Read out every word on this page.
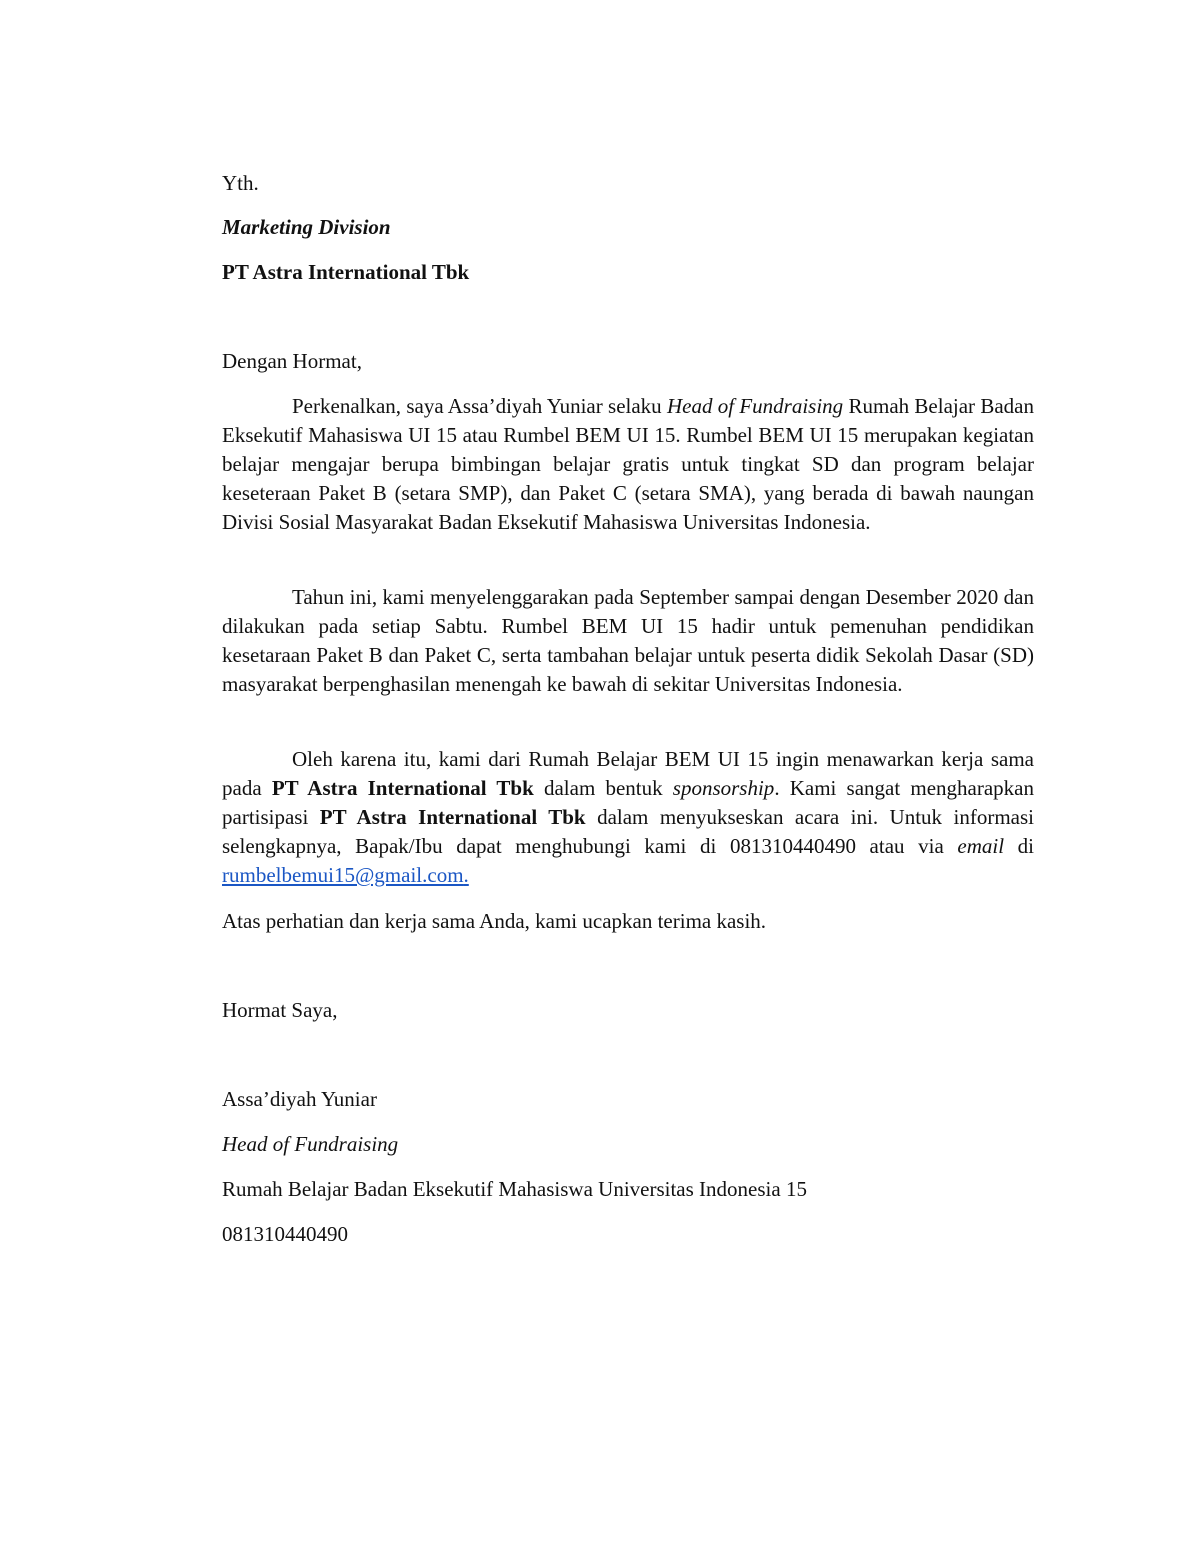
Yth.
Marketing Division
PT Astra International Tbk
Dengan Hormat,

Perkenalkan, saya Assa’diyah Yuniar selaku Head of Fundraising Rumah Belajar Badan Eksekutif Mahasiswa UI 15 atau Rumbel BEM UI 15. Rumbel BEM UI 15 merupakan kegiatan belajar mengajar berupa bimbingan belajar gratis untuk tingkat SD dan program belajar keseteraan Paket B (setara SMP), dan Paket C (setara SMA), yang berada di bawah naungan Divisi Sosial Masyarakat Badan Eksekutif Mahasiswa Universitas Indonesia.

Tahun ini, kami menyelenggarakan pada September sampai dengan Desember 2020 dan dilakukan pada setiap Sabtu. Rumbel BEM UI 15 hadir untuk pemenuhan pendidikan kesetaraan Paket B dan Paket C, serta tambahan belajar untuk peserta didik Sekolah Dasar (SD) masyarakat berpenghasilan menengah ke bawah di sekitar Universitas Indonesia.

Oleh karena itu, kami dari Rumah Belajar BEM UI 15 ingin menawarkan kerja sama pada PT Astra International Tbk dalam bentuk sponsorship. Kami sangat mengharapkan partisipasi PT Astra International Tbk dalam menyukseskan acara ini. Untuk informasi selengkapnya, Bapak/Ibu dapat menghubungi kami di 081310440490 atau via email di rumbelbemui15@gmail.com.

Atas perhatian dan kerja sama Anda, kami ucapkan terima kasih.

Hormat Saya,
Assa’diyah Yuniar
Head of Fundraising
Rumah Belajar Badan Eksekutif Mahasiswa Universitas Indonesia 15
081310440490
